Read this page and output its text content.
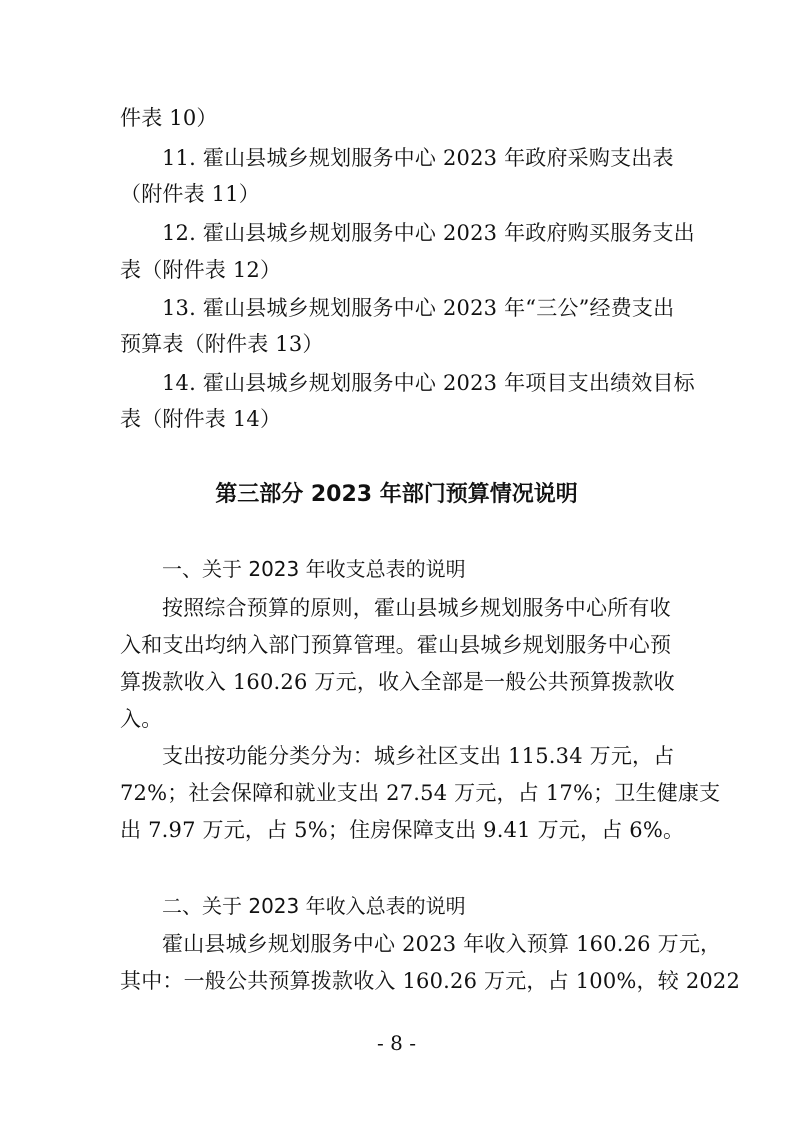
件表 10）
11. 霍山县城乡规划服务中心 2023 年政府采购支出表
（附件表 11）
12. 霍山县城乡规划服务中心 2023 年政府购买服务支出
表（附件表 12）
13. 霍山县城乡规划服务中心 2023 年“三公”经费支出
预算表（附件表 13）
14. 霍山县城乡规划服务中心 2023 年项目支出绩效目标
表（附件表 14）
第三部分 2023 年部门预算情况说明
一、关于 2023 年收支总表的说明
按照综合预算的原则，霍山县城乡规划服务中心所有收
入和支出均纳入部门预算管理。霍山县城乡规划服务中心预
算拨款收入 160.26 万元，收入全部是一般公共预算拨款收
入。
支出按功能分类分为：城乡社区支出 115.34 万元，占
72%；社会保障和就业支出 27.54 万元，占 17%；卫生健康支
出 7.97 万元，占 5%；住房保障支出 9.41 万元，占 6%。
二、关于 2023 年收入总表的说明
霍山县城乡规划服务中心 2023 年收入预算 160.26 万元，
其中：一般公共预算拨款收入 160.26 万元，占 100%，较 2022
- 8 -
